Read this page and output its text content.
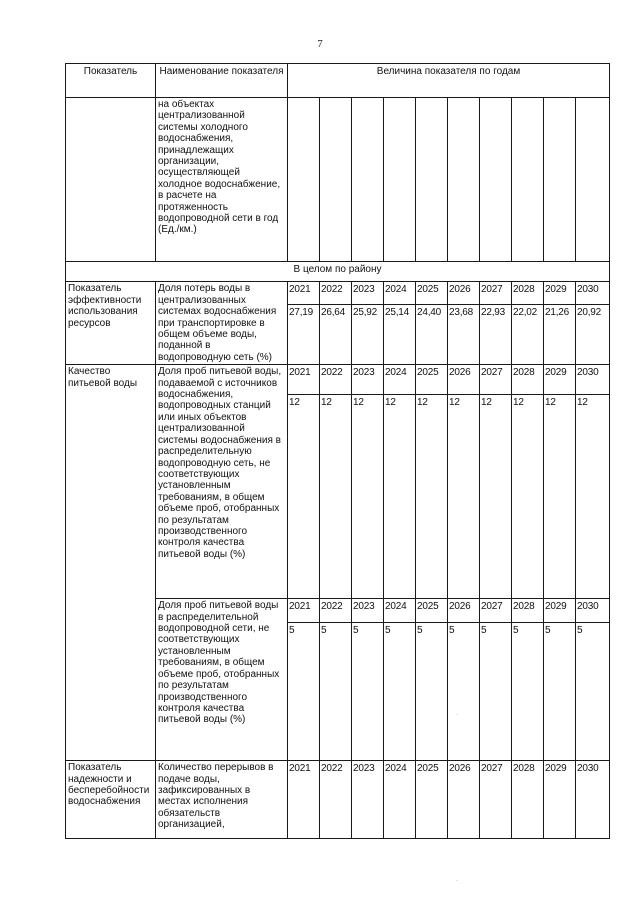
7
Показатель	Наименование показателя	Величина показателя по годам									
	на объектах централизованной системы холодного водоснабжения, принадлежащих организации, осуществляющей холодное водоснабжение, в расчете на протяженность водопроводной сети в год (Ед./км.)										
В целом по району											
Показатель эффективности использования ресурсов	Доля потерь воды в централизованных системах водоснабжения при транспортировке в общем объеме воды, поданной в водопроводную сеть (%)	2021	2022	2023	2024	2025	2026	2027	2028	2029	2030
		27,19	26,64	25,92	25,14	24,40	23,68	22,93	22,02	21,26	20,92
Качество питьевой воды	Доля проб питьевой воды, подаваемой с источников водоснабжения, водопроводных станций или иных объектов централизованной системы водоснабжения в распределительную водопроводную сеть, не соответствующих установленным требованиям, в общем объеме проб, отобранных по результатам производственного контроля качества питьевой воды (%)	2021	2022	2023	2024	2025	2026	2027	2028	2029	2030
		12	12	12	12	12	12	12	12	12	12
	Доля проб питьевой воды в распределительной водопроводной сети, не соответствующих установленным требованиям, в общем объеме проб, отобранных по результатам производственного контроля качества питьевой воды (%)	2021	2022	2023	2024	2025	2026	2027	2028	2029	2030
		5	5	5	5	5	5	5	5	5	5
Показатель надежности и бесперебойности водоснабжения	Количество перерывов в подаче воды, зафиксированных в местах исполнения обязательств организацией,	2021	2022	2023	2024	2025	2026	2027	2028	2029	2030
·
·
